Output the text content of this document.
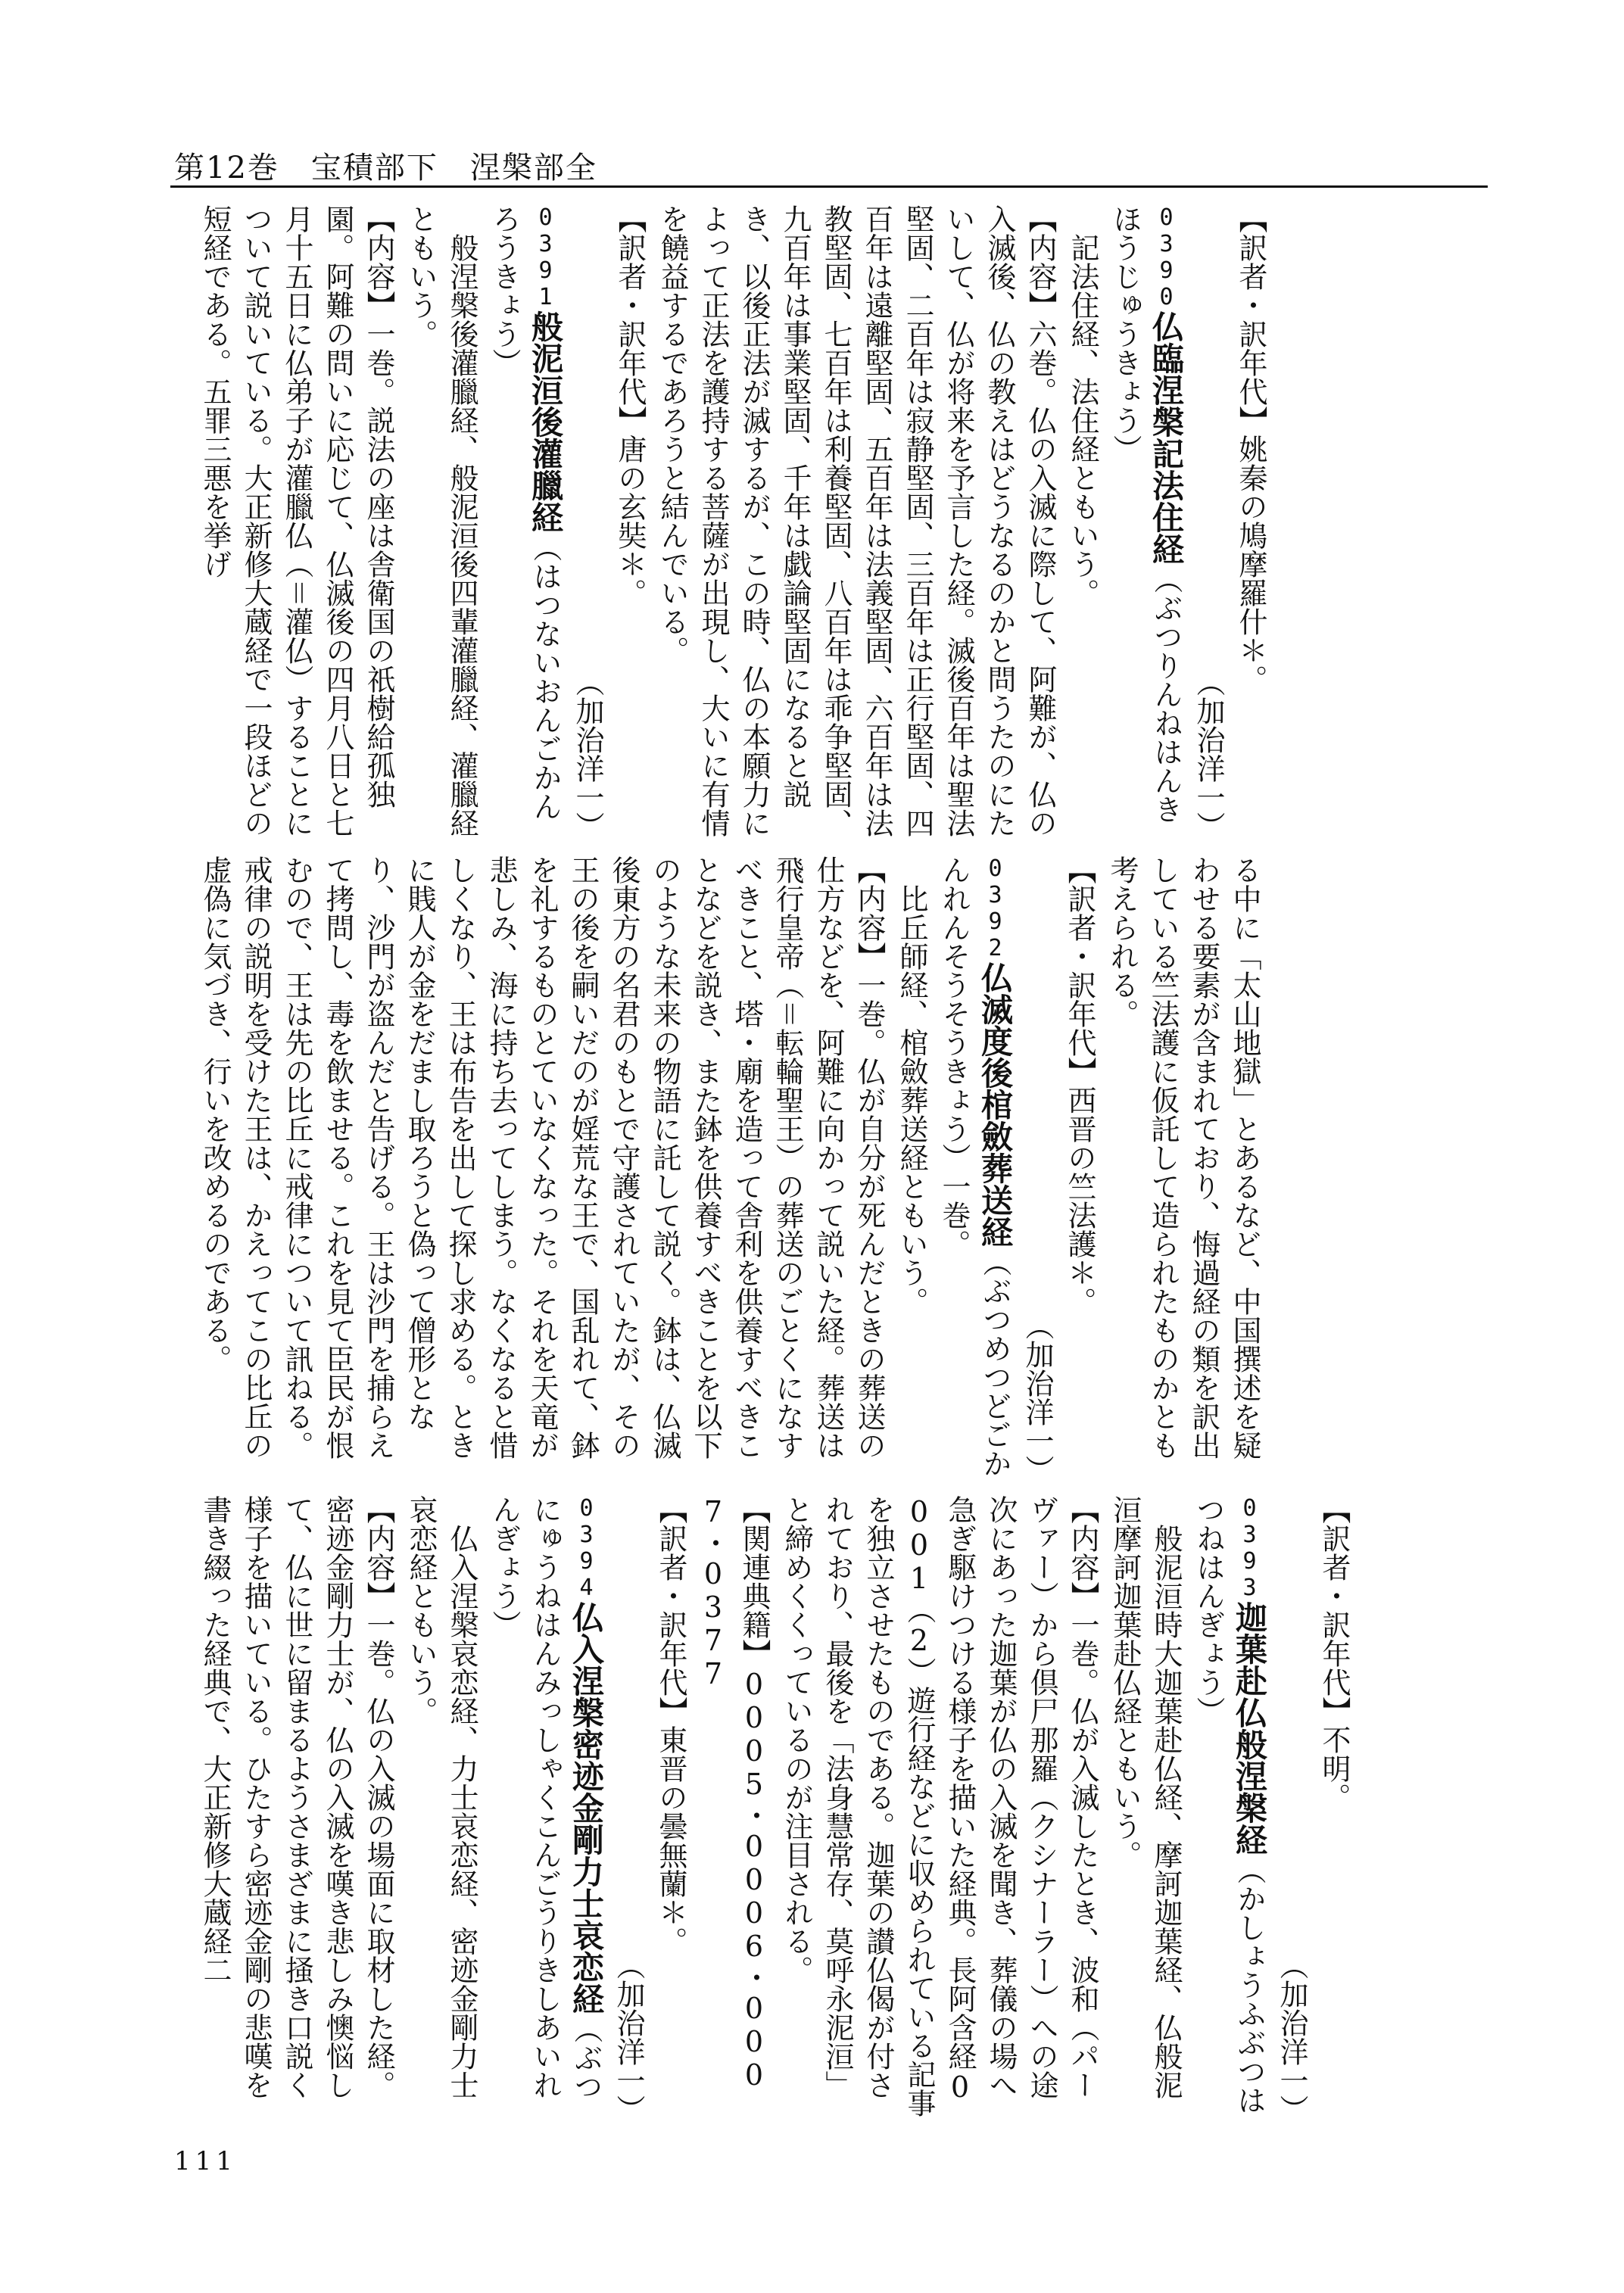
第12巻　宝積部下　涅槃部全
【訳者・訳年代】姚秦の鳩摩羅什＊。
（加治洋一）
0390仏臨涅槃記法住経（ぶつりんねはんきほうじゅうきょう）　記法住経、法住経ともいう。【内容】六巻。仏の入滅に際して、阿難が、仏の入滅後、仏の教えはどうなるのかと問うたのにたいして、仏が将来を予言した経。滅後百年は聖法堅固、二百年は寂静堅固、三百年は正行堅固、四百年は遠離堅固、五百年は法義堅固、六百年は法教堅固、七百年は利養堅固、八百年は乖争堅固、九百年は事業堅固、千年は戯論堅固になると説き、以後正法が滅するが、この時、仏の本願力によって正法を護持する菩薩が出現し、大いに有情を饒益するであろうと結んでいる。【訳者・訳年代】唐の玄奘＊。
（加治洋一）
0391般泥洹後灌臘経（はつないおんごかんろうきょう）　般涅槃後灌臘経、般泥洹後四輩灌臘経、灌臘経ともいう。【内容】一巻。説法の座は舎衛国の祇樹給孤独園。阿難の問いに応じて、仏滅後の四月八日と七月十五日に仏弟子が灌臘仏（＝灌仏）することについて説いている。大正新修大蔵経で一段ほどの短経である。五罪三悪を挙げ
る中に「太山地獄」とあるなど、中国撰述を疑わせる要素が含まれており、悔過経の類を訳出している竺法護に仮託して造られたものかとも考えられる。【訳者・訳年代】西晋の竺法護＊。
（加治洋一）
0392仏滅度後棺斂葬送経（ぶつめつどごかんれんそうそうきょう）一巻。　比丘師経、棺斂葬送経ともいう。【内容】一巻。仏が自分が死んだときの葬送の仕方などを、阿難に向かって説いた経。葬送は飛行皇帝（＝転輪聖王）の葬送のごとくになすべきこと、塔・廟を造って舎利を供養すべきことなどを説き、また鉢を供養すべきことを以下のような未来の物語に託して説く。鉢は、仏滅後東方の名君のもとで守護されていたが、その王の後を嗣いだのが婬荒な王で、国乱れて、鉢を礼するものとていなくなった。それを天竜が悲しみ、海に持ち去ってしまう。なくなると惜しくなり、王は布告を出して探し求める。ときに賎人が金をだまし取ろうと偽って僧形となり、沙門が盗んだと告げる。王は沙門を捕らえて拷問し、毒を飲ませる。これを見て臣民が恨むので、王は先の比丘に戒律について訊ねる。戒律の説明を受けた王は、かえってこの比丘の虚偽に気づき、行いを改めるのである。
【訳者・訳年代】不明。
（加治洋一）
0393迦葉赴仏般涅槃経（かしょうふぶつはつねはんぎょう）　般泥洹時大迦葉赴仏経、摩訶迦葉経、仏般泥洹摩訶迦葉赴仏経ともいう。【内容】一巻。仏が入滅したとき、波和（パーヴァー）から倶尸那羅（クシナーラー）への途次にあった迦葉が仏の入滅を聞き、葬儀の場へ急ぎ駆けつける様子を描いた経典。長阿含経0001（2）遊行経などに収められている記事を独立させたものである。迦葉の讃仏偈が付されており、最後を「法身慧常存、莫呼永泥洹」と締めくくっているのが注目される。【関連典籍】0005・0006・0007・0377【訳者・訳年代】東晋の曇無蘭＊。
（加治洋一）
0394仏入涅槃密迹金剛力士哀恋経（ぶつにゅうねはんみっしゃくこんごうりきしあいれんぎょう）　仏入涅槃哀恋経、力士哀恋経、密迹金剛力士哀恋経ともいう。【内容】一巻。仏の入滅の場面に取材した経。密迹金剛力士が、仏の入滅を嘆き悲しみ懊悩して、仏に世に留まるようさまざまに掻き口説く様子を描いている。ひたすら密迹金剛の悲嘆を書き綴った経典で、大正新修大蔵経二
111
